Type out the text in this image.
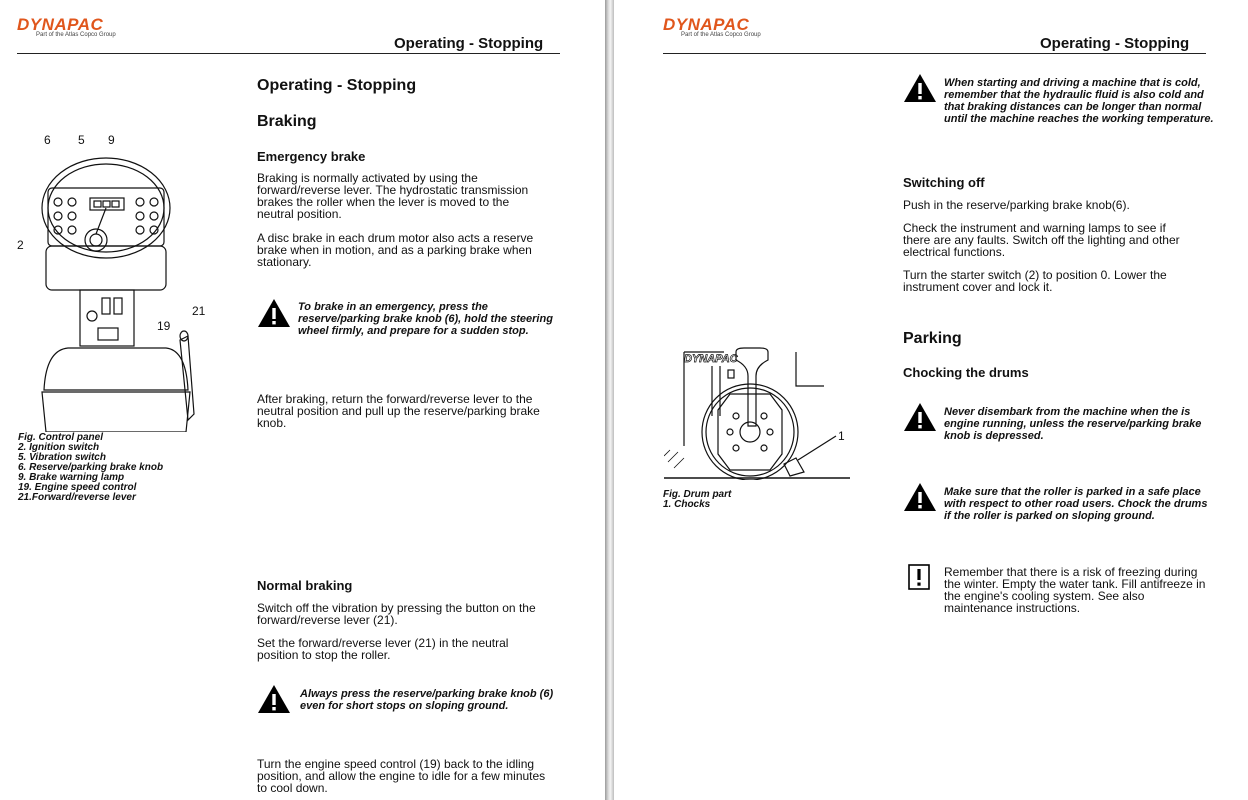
DYNAPAC
Part of the Atlas Copco Group	Operating - Stopping
Operating - Stopping
Braking
Emergency brake
Braking is normally activated by using the
forward/reverse lever. The hydrostatic transmission
brakes the roller when the lever is moved to the
neutral position.
A disc brake in each drum motor also acts a reserve
brake when in motion, and as a parking brake when
stationary.
To brake in an emergency, press the
reserve/parking brake knob (6), hold the steering
wheel firmly, and prepare for a sudden stop.
After braking, return the forward/reverse lever to the
neutral position and pull up the reserve/parking brake
knob.
6 5 9
2
21
19
Fig. Control panel
2. Ignition switch
5. Vibration switch
6. Reserve/parking brake knob
9. Brake warning lamp
19. Engine speed control
21.Forward/reverse lever
Normal braking
Switch off the vibration by pressing the button on the
forward/reverse lever (21).
Set the forward/reverse lever (21) in the neutral
position to stop the roller.
Always press the reserve/parking brake knob (6)
even for short stops on sloping ground.
Turn the engine speed control (19) back to the idling
position, and allow the engine to idle for a few minutes
to cool down.
DYNAPAC
Part of the Atlas Copco Group	Operating - Stopping
When starting and driving a machine that is cold,
remember that the hydraulic fluid is also cold and
that braking distances can be longer than normal
until the machine reaches the working temperature.
Switching off
Push in the reserve/parking brake knob(6).
Check the instrument and warning lamps to see if
there are any faults. Switch off the lighting and other
electrical functions.
Turn the starter switch (2) to position 0. Lower the
instrument cover and lock it.
Parking
Chocking the drums
Never disembark from the machine when the is
engine running, unless the reserve/parking brake
knob is depressed.
Make sure that the roller is parked in a safe place
with respect to other road users. Chock the drums
if the roller is parked on sloping ground.
Remember that there is a risk of freezing during
the winter. Empty the water tank. Fill antifreeze in
the engine's cooling system. See also
maintenance instructions.
DYNAPAC
1
Fig. Drum part
1. Chocks
